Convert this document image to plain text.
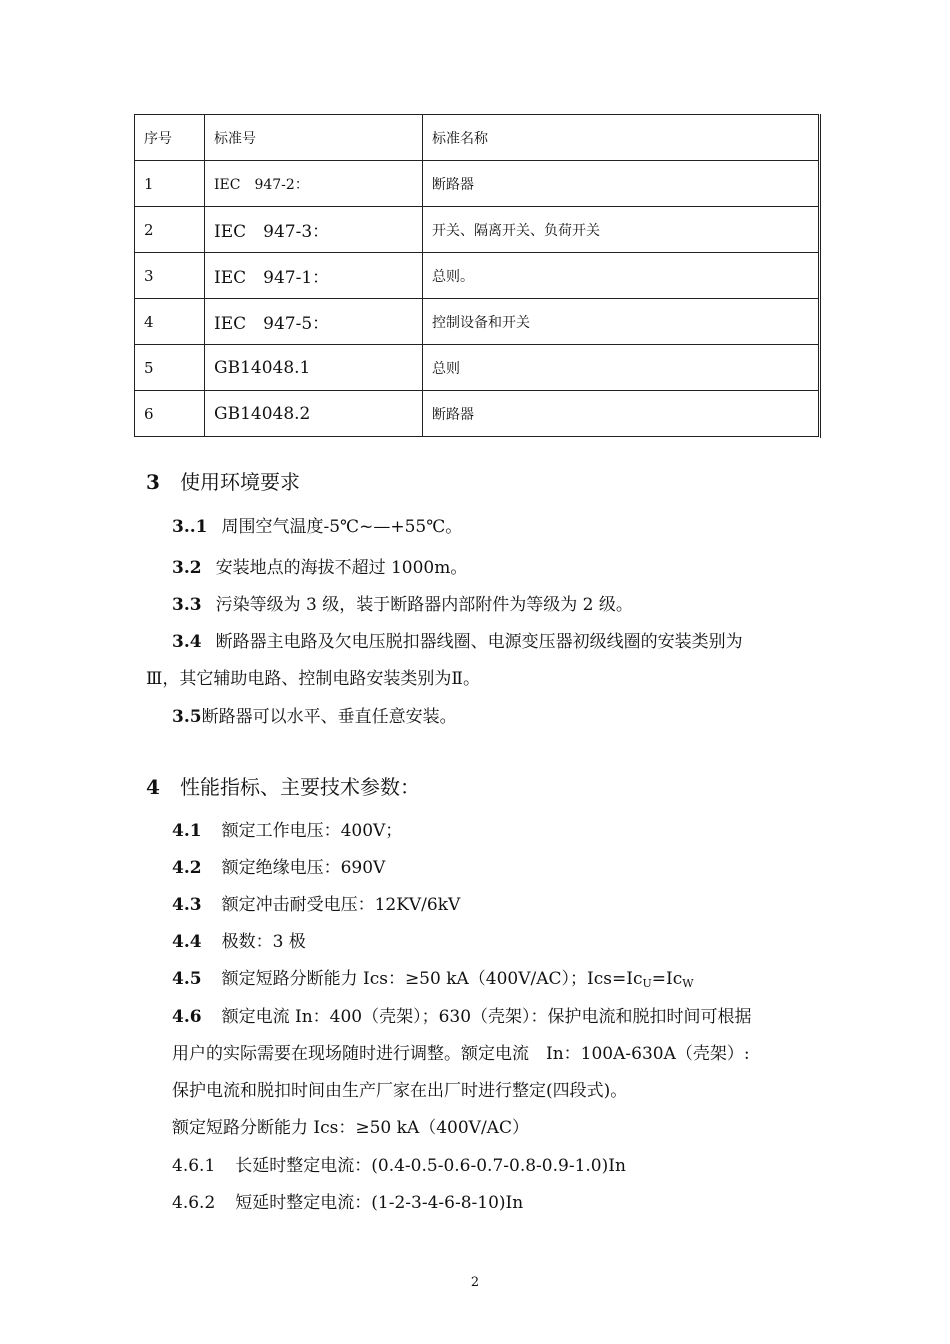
序号	标准号	标准名称
1	IEC　947-2：	断路器
2	IEC　947-3：	开关、隔离开关、负荷开关
3	IEC　947-1：	总则。
4	IEC　947-5：	控制设备和开关
5	GB14048.1	总则
6	GB14048.2	断路器
3 使用环境要求
3..1 周围空气温度-5℃~—+55℃。
3.2 安装地点的海拔不超过 1000m。
3.3 污染等级为 3 级，装于断路器内部附件为等级为 2 级。
3.4 断路器主电路及欠电压脱扣器线圈、电源变压器初级线圈的安装类别为
Ⅲ，其它辅助电路、控制电路安装类别为Ⅱ。
3.5断路器可以水平、垂直任意安装。
4 性能指标、主要技术参数：
4.1 额定工作电压：400V；
4.2 额定绝缘电压：690V
4.3 额定冲击耐受电压：12KV/6kV
4.4 极数：3 极
4.5 额定短路分断能力 Ics：≥50 kA（400V/AC）；$Ics=Ic_U=Ic_W$
4.6 额定电流 In：400（壳架）；630（壳架）：保护电流和脱扣时间可根据
用户的实际需要在现场随时进行调整。额定电流　In：100A-630A（壳架）:
保护电流和脱扣时间由生产厂家在出厂时进行整定(四段式)。
额定短路分断能力 Ics：≥50 kA（400V/AC）
4.6.1 长延时整定电流：(0.4-0.5-0.6-0.7-0.8-0.9-1.0)In
4.6.2 短延时整定电流：(1-2-3-4-6-8-10)In
2
